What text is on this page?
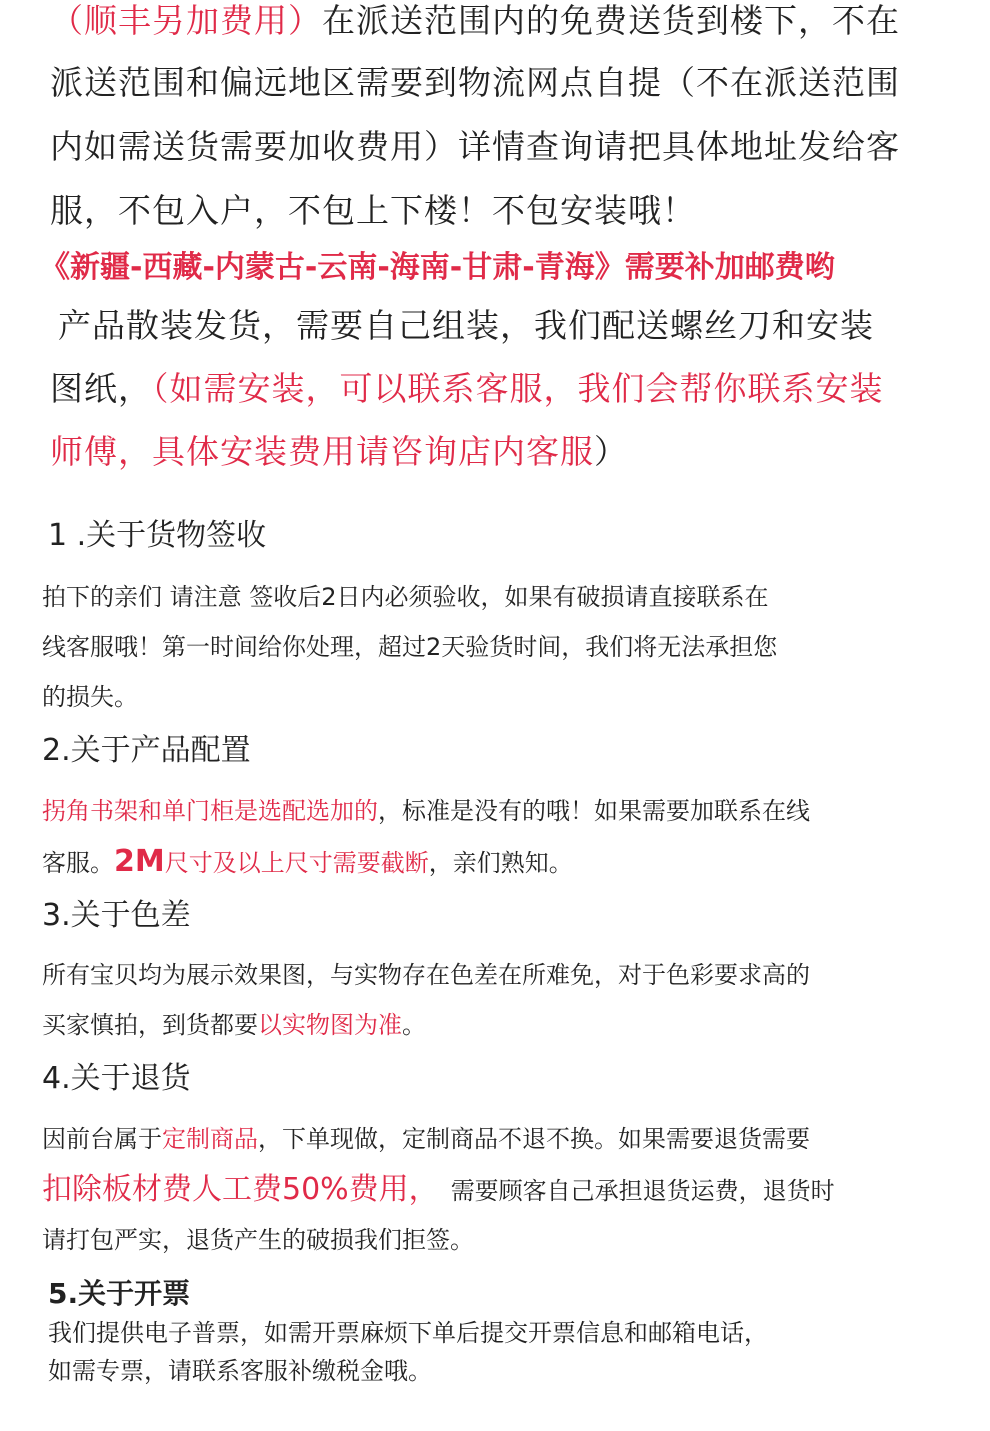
（顺丰另加费用）在派送范围内的免费送货到楼下，不在
派送范围和偏远地区需要到物流网点自提（不在派送范围
内如需送货需要加收费用）详情查询请把具体地址发给客
服，不包入户，不包上下楼！不包安装哦！
《新疆-西藏-内蒙古-云南-海南-甘肃-青海》需要补加邮费哟
产品散装发货，需要自己组装，我们配送螺丝刀和安装
图纸，（如需安装，可以联系客服，我们会帮你联系安装
师傅，具体安装费用请咨询店内客服）
1 .关于货物签收
拍下的亲们 请注意 签收后2日内必须验收，如果有破损请直接联系在
线客服哦！第一时间给你处理，超过2天验货时间，我们将无法承担您
的损失。
2.关于产品配置
拐角书架和单门柜是选配选加的，标准是没有的哦！如果需要加联系在线
客服。2M尺寸及以上尺寸需要截断，亲们熟知。
3.关于色差
所有宝贝均为展示效果图，与实物存在色差在所难免，对于色彩要求高的
买家慎拍，到货都要以实物图为准。
4.关于退货
因前台属于定制商品，下单现做，定制商品不退不换。如果需要退货需要
扣除板材费人工费50%费用， 需要顾客自己承担退货运费，退货时
请打包严实，退货产生的破损我们拒签。
5.关于开票
我们提供电子普票，如需开票麻烦下单后提交开票信息和邮箱电话，
如需专票，请联系客服补缴税金哦。
